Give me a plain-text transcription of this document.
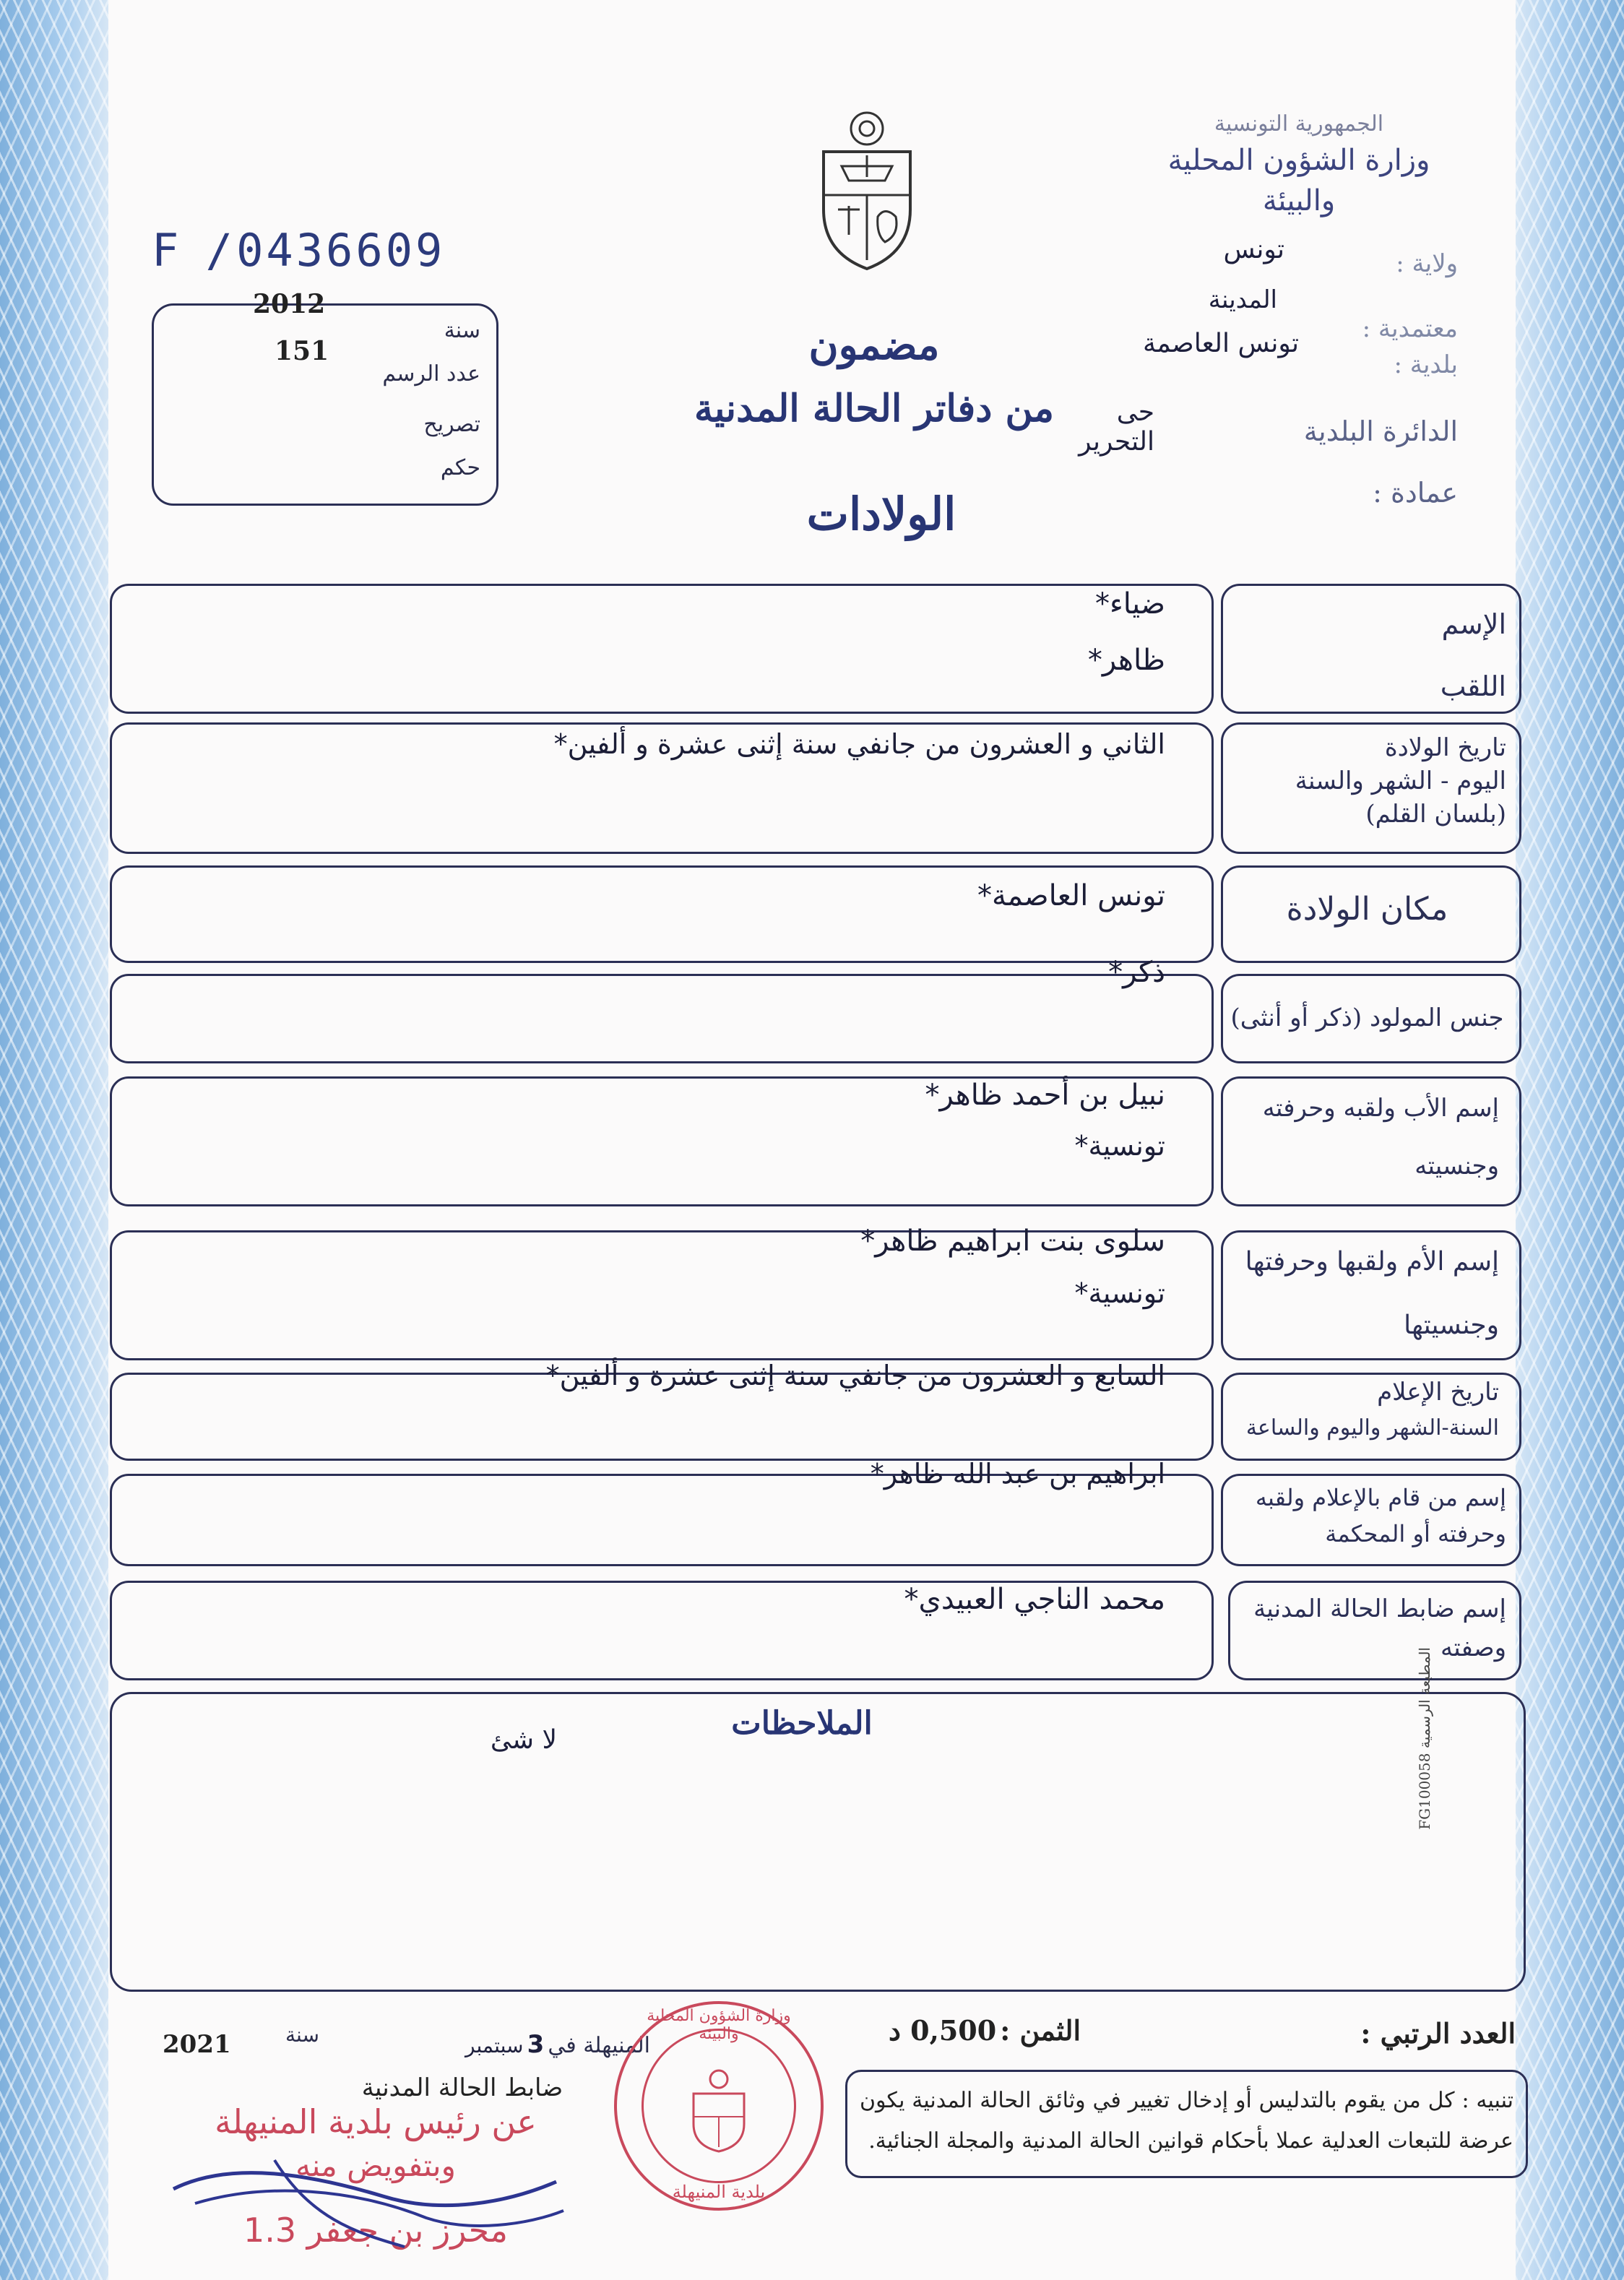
الجمهورية التونسية
وزارة الشؤون المحلية
والبيئة
F / 0436609
سنة
2012
عدد الرسم
151
تصريح
حكم
مضمون
من دفاتر الحالة المدنية
الولادات
ولاية :
تونس
المدينة
معتمدية :
تونس العاصمة
بلدية :
حى التحرير	الدائرة البلدية
عمادة :
الإسم
اللقب
ضياء*
ظاهر*
تاريخ الولادة
اليوم - الشهر والسنة
(بلسان القلم)
الثاني و العشرون من جانفي سنة إثنى عشرة و ألفين*
مكان الولادة
تونس العاصمة*
جنس المولود (ذكر أو أنثى)
ذكر*
إسم الأب ولقبه وحرفته
وجنسيته
نبيل بن أحمد ظاهر*
تونسية*
إسم الأم ولقبها وحرفتها
وجنسيتها
سلوى بنت ابراهيم ظاهر*
تونسية*
تاريخ الإعلام
السنة-الشهر واليوم والساعة
السابع و العشرون من جانفي سنة إثنى عشرة و ألفين*
إسم من قام بالإعلام ولقبه
وحرفته أو المحكمة
ابراهيم بن عبد الله ظاهر*
إسم ضابط الحالة المدنية
وصفته
محمد الناجي العبيدي*
الملاحظات
لا شئ
المطبعة الرسمية FG100058
العدد الرتبي :
الثمن : 0,500 د
المنيهلة في 3 سبتمبر
سنة
2021
ضابط الحالة المدنية
عن رئيس بلدية المنيهلة
وبتفويض منه
محرز بن جعفر 1.3
وزارة الشؤون المحلية والبيئة
بلدية المنيهلة
تنبيه : كل من يقوم بالتدليس أو إدخال تغيير في وثائق الحالة المدنية يكون عرضة للتبعات العدلية عملا بأحكام قوانين الحالة المدنية والمجلة الجنائية.
